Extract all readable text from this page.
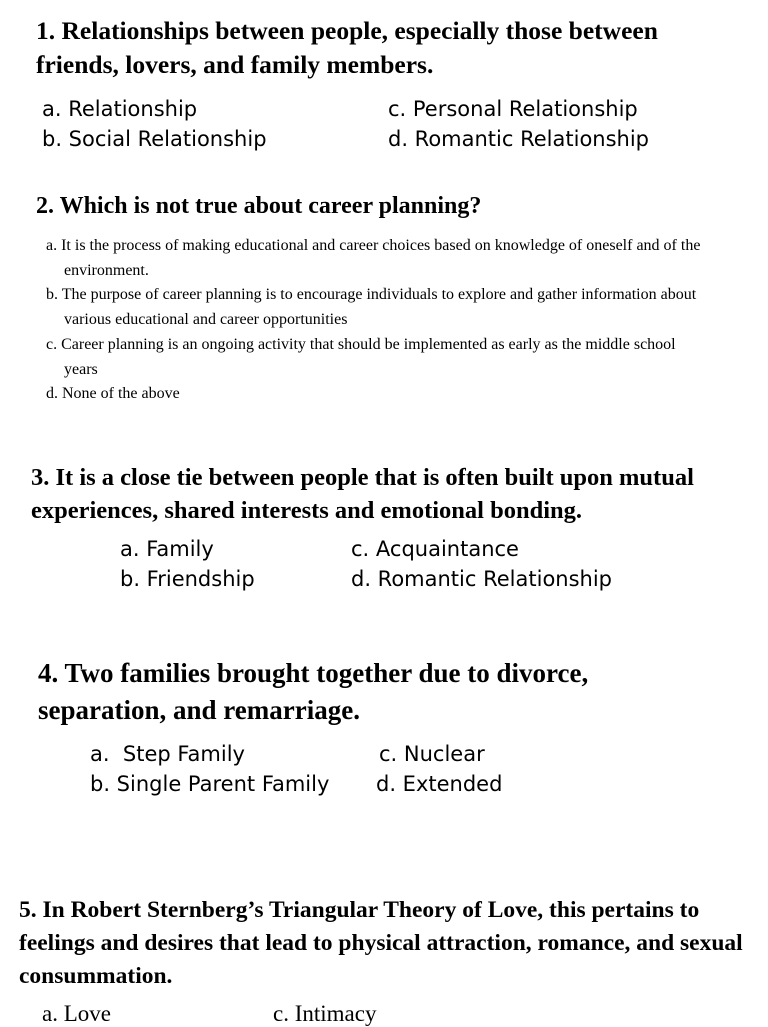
1. Relationships between people, especially those between friends, lovers, and family members.

a. Relationship
b. Social Relationship
c. Personal Relationship
d. Romantic Relationship

2. Which is not true about career planning?

a. It is the process of making educational and career choices based on knowledge of oneself and of the environment.
b. The purpose of career planning is to encourage individuals to explore and gather information about various educational and career opportunities
c. Career planning is an ongoing activity that should be implemented as early as the middle school years
d. None of the above

3. It is a close tie between people that is often built upon mutual experiences, shared interests and emotional bonding.

a. Family
b. Friendship
c. Acquaintance
d. Romantic Relationship

4. Two families brought together due to divorce, separation, and remarriage.

a.  Step Family
b. Single Parent Family
c. Nuclear
d. Extended

5. In Robert Sternberg’s Triangular Theory of Love, this pertains to feelings and desires that lead to physical attraction, romance, and sexual consummation.

a. Love	c. Intimacy
